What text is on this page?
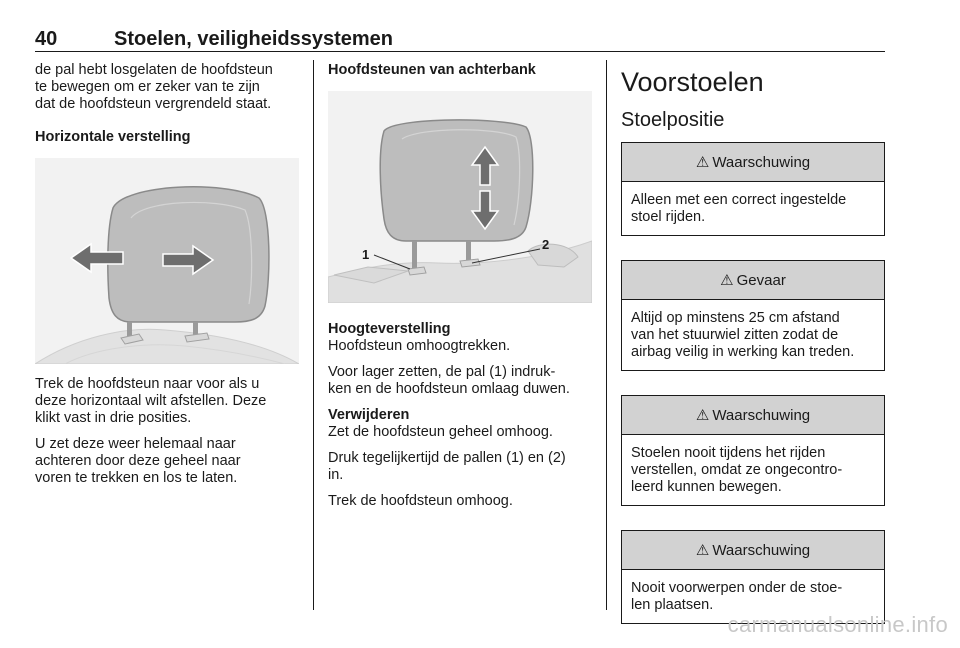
40	Stoelen, veiligheidssystemen

de pal hebt losgelaten de hoofdsteun

te bewegen om er zeker van te zijn

dat de hoofdsteun vergrendeld staat.

Horizontale verstelling

Trek de hoofdsteun naar voor als u

deze horizontaal wilt afstellen. Deze

klikt vast in drie posities.

U zet deze weer helemaal naar

achteren door deze geheel naar

voren te trekken en los te laten.

Hoofdsteunen van achterbank

1
2

Hoogteverstelling

Hoofdsteun omhoogtrekken.

Voor lager zetten, de pal (1) indruk-

ken en de hoofdsteun omlaag duwen.

Verwijderen

Zet de hoofdsteun geheel omhoog.

Druk tegelijkertijd de pallen (1) en (2)

in.

Trek de hoofdsteun omhoog.

Voorstoelen
Stoelpositie
⚠ Waarschuwing
Alleen met een correct ingestelde
stoel rijden.
⚠ Gevaar
Altijd op minstens 25 cm afstand
van het stuurwiel zitten zodat de
airbag veilig in werking kan treden.
⚠ Waarschuwing
Stoelen nooit tijdens het rijden
verstellen, omdat ze ongecontro-
leerd kunnen bewegen.
⚠ Waarschuwing
Nooit voorwerpen onder de stoe-
len plaatsen.
carmanualsonline.info
